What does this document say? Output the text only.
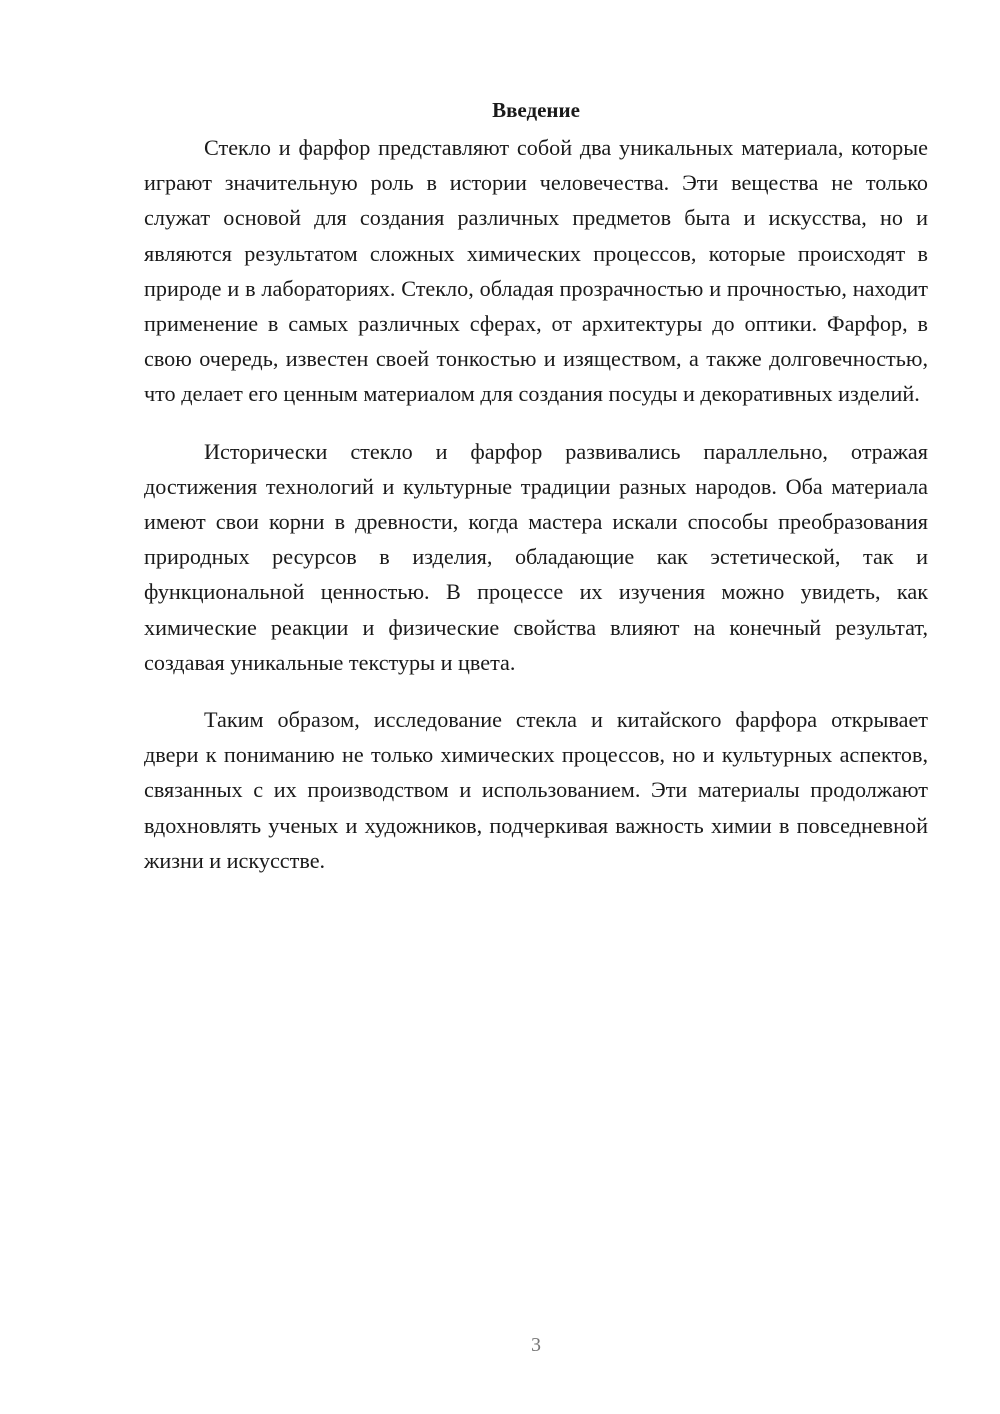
Введение

Стекло и фарфор представляют собой два уникальных материала, которые играют значительную роль в истории человечества. Эти вещества не только служат основой для создания различных предметов быта и искусства, но и являются результатом сложных химических процессов, которые происходят в природе и в лабораториях. Стекло, обладая прозрачностью и прочностью, находит применение в самых различных сферах, от архитектуры до оптики. Фарфор, в свою очередь, известен своей тонкостью и изяществом, а также долговечностью, что делает его ценным материалом для создания посуды и декоративных изделий.

Исторически стекло и фарфор развивались параллельно, отражая достижения технологий и культурные традиции разных народов. Оба материала имеют свои корни в древности, когда мастера искали способы преобразования природных ресурсов в изделия, обладающие как эстетической, так и функциональной ценностью. В процессе их изучения можно увидеть, как химические реакции и физические свойства влияют на конечный результат, создавая уникальные текстуры и цвета.

Таким образом, исследование стекла и китайского фарфора открывает двери к пониманию не только химических процессов, но и культурных аспектов, связанных с их производством и использованием. Эти материалы продолжают вдохновлять ученых и художников, подчеркивая важность химии в повседневной жизни и искусстве.

3
